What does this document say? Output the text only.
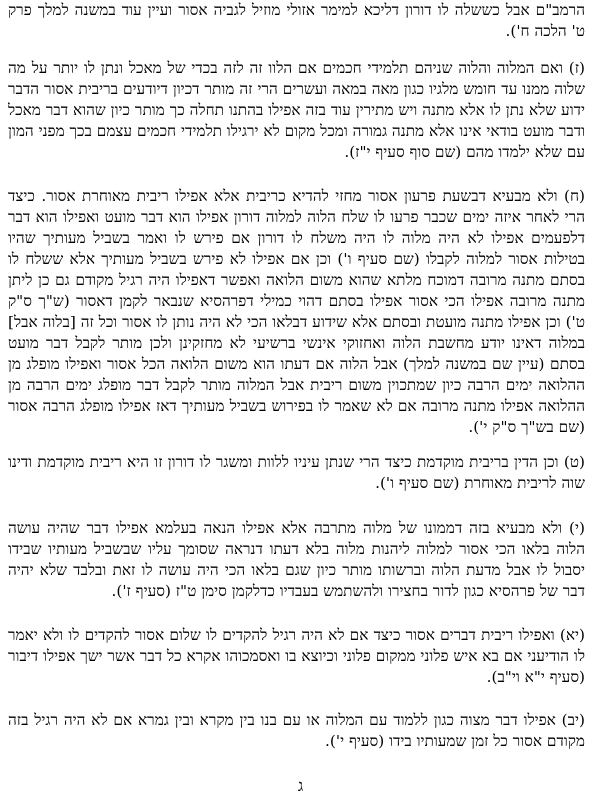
הרמב"ם אבל כששלה לו דורון דליכא למימר אזולי מוזיל לגביה אסור ועיין עוד במשנה למלך פרק ט' הלכה ח').

(ז) ואם המלוה והלוה שניהם תלמידי חכמים אם הלוו זה לזה בכדי של מאכל ונתן לו יותר על מה שלוה ממנו עד חומש מלגיו כגון מאה במאה ועשרים הרי זה מותר דכיון דיודעים בריבית אסור הדבר ידוע שלא נתן לו אלא מתנה ויש מתירין עוד בזה אפילו בהתנו תחלה כך מותר כיון שהוא דבר מאכל ודבר מועט בודאי אינו אלא מתנה גמורה ומכל מקום לא ירגילו תלמידי חכמים עצמם בכך מפני המון עם שלא ילמדו מהם (שם סוף סעיף י"ז).

(ח) ולא מבעיא דבשעת פרעון אסור מחזי להדיא כריבית אלא אפילו ריבית מאוחרת אסור. כיצד הרי לאחר איזה ימים שכבר פרעו לו שלח הלוה למלוה דורון אפילו הוא דבר מועט ואפילו הוא דבר דלפעמים אפילו לא היה מלוה לו היה משלח לו דורון אם פירש לו ואמר בשביל מעותיך שהיו בטילות אסור למלוה לקבלו (שם סעיף ו') וכן אם אפילו לא פירש בשביל מעותיך אלא ששלח לו בסתם מתנה מרובה דמוכח מלתא שהוא משום הלואה ואפשר דאפילו היה רגיל מקודם גם כן ליתן מתנה מרובה אפילו הכי אסור אפילו בסתם דהוי כמילי דפרהסיא שנבאר לקמן דאסור (ש"ך ס"ק ט') וכן אפילו מתנה מועטת ובסתם אלא שידוע דבלאו הכי לא היה נותן לו אסור וכל זה [בלוה אבל] במלוה דאינו יודע מחשבת הלוה ואחזוקי אינשי ברשיעי לא מחזקינן ולכן מותר לקבל דבר מועט בסתם (עיין שם במשנה למלך) אבל הלוה אם דעתו הוא משום הלואה הכל אסור ואפילו מופלג מן ההלואה ימים הרבה כיון שמתכוין משום ריבית אבל המלוה מותר לקבל דבר מופלג ימים הרבה מן ההלואה אפילו מתנה מרובה אם לא שאמר לו בפירוש בשביל מעותיך דאז אפילו מופלג הרבה אסור (שם בש"ך ס"ק י').

(ט) וכן הדין בריבית מוקדמת כיצד הרי שנתן עיניו ללוות ומשגר לו דורון זו היא ריבית מוקדמת ודינו שוה לריבית מאוחרת (שם סעיף ו').

(י) ולא מבעיא בזה דממונו של מלוה מתרבה אלא אפילו הנאה בעלמא אפילו דבר שהיה עושה הלוה בלאו הכי אסור למלוה ליהנות מלוה בלא דעתו דנראה שסומך עליו שבשביל מעותיו שבידו יסבול לו אבל מדעת הלוה וברשותו מותר כיון שגם בלאו הכי היה עושה לו זאת ובלבד שלא יהיה דבר של פרהסיא כגון לדור בחצירו ולהשתמש בעבדיו כדלקמן סימן ט"ז (סעיף ז').

(יא) ואפילו ריבית דברים אסור כיצד אם לא היה רגיל להקדים לו שלום אסור להקדים לו ולא יאמר לו הודיעני אם בא איש פלוני ממקום פלוני וכיוצא בו ואסמכוהו אקרא כל דבר אשר ישך אפילו דיבור (סעיף י"א וי"ב).

(יב) אפילו דבר מצוה כגון ללמוד עם המלוה או עם בנו בין מקרא ובין גמרא אם לא היה רגיל בזה מקודם אסור כל זמן שמעותיו בידו (סעיף י').

ג
